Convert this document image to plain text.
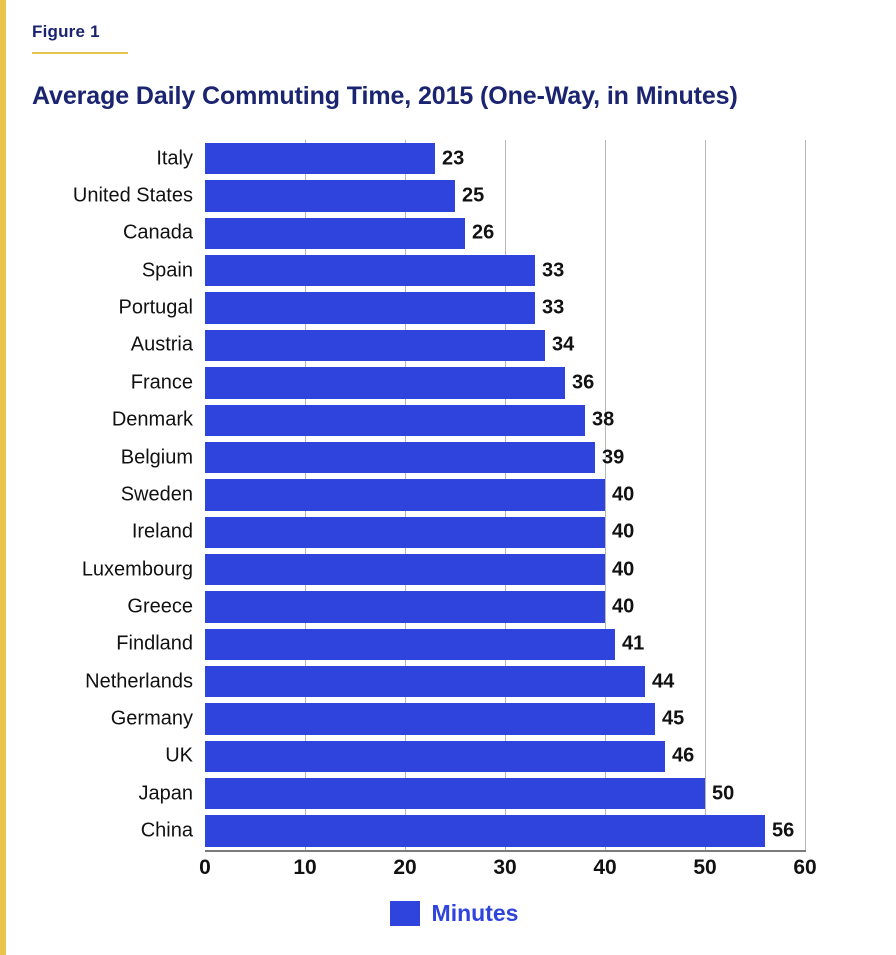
Figure 1
Average Daily Commuting Time, 2015 (One-Way, in Minutes)
Italy	23
United States	25
Canada	26
Spain	33
Portugal	33
Austria	34
France	36
Denmark	38
Belgium	39
Sweden	40
Ireland	40
Luxembourg	40
Greece	40
Findland	41
Netherlands	44
Germany	45
UK	46
Japan	50
China	56
0	10	20	30	40	50	60
Minutes
